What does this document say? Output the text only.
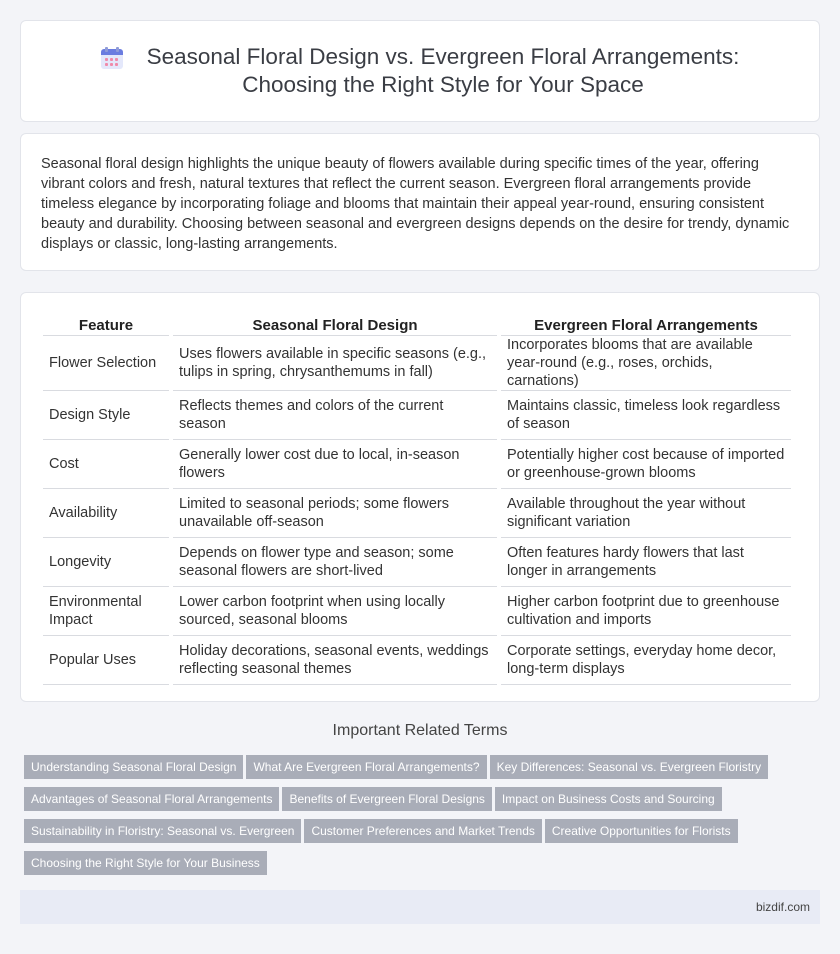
Seasonal Floral Design vs. Evergreen Floral Arrangements:
Choosing the Right Style for Your Space

Seasonal floral design highlights the unique beauty of flowers available during specific times of the year, offering vibrant colors and fresh, natural textures that reflect the current season. Evergreen floral arrangements provide timeless elegance by incorporating foliage and blooms that maintain their appeal year-round, ensuring consistent beauty and durability. Choosing between seasonal and evergreen designs depends on the desire for trendy, dynamic displays or classic, long-lasting arrangements.

Feature	Seasonal Floral Design	Evergreen Floral Arrangements
Flower Selection	Uses flowers available in specific seasons (e.g., tulips in spring, chrysanthemums in fall)	Incorporates blooms that are available year-round (e.g., roses, orchids, carnations)
Design Style	Reflects themes and colors of the current season	Maintains classic, timeless look regardless of season
Cost	Generally lower cost due to local, in-season flowers	Potentially higher cost because of imported or greenhouse-grown blooms
Availability	Limited to seasonal periods; some flowers unavailable off-season	Available throughout the year without significant variation
Longevity	Depends on flower type and season; some seasonal flowers are short-lived	Often features hardy flowers that last longer in arrangements
Environmental Impact	Lower carbon footprint when using locally sourced, seasonal blooms	Higher carbon footprint due to greenhouse cultivation and imports
Popular Uses	Holiday decorations, seasonal events, weddings reflecting seasonal themes	Corporate settings, everyday home decor, long-term displays
Important Related Terms
Understanding Seasonal Floral Design What Are Evergreen Floral Arrangements? Key Differences: Seasonal vs. Evergreen Floristry
Advantages of Seasonal Floral Arrangements Benefits of Evergreen Floral Designs Impact on Business Costs and Sourcing
Sustainability in Floristry: Seasonal vs. Evergreen Customer Preferences and Market Trends Creative Opportunities for Florists
Choosing the Right Style for Your Business
bizdif.com
